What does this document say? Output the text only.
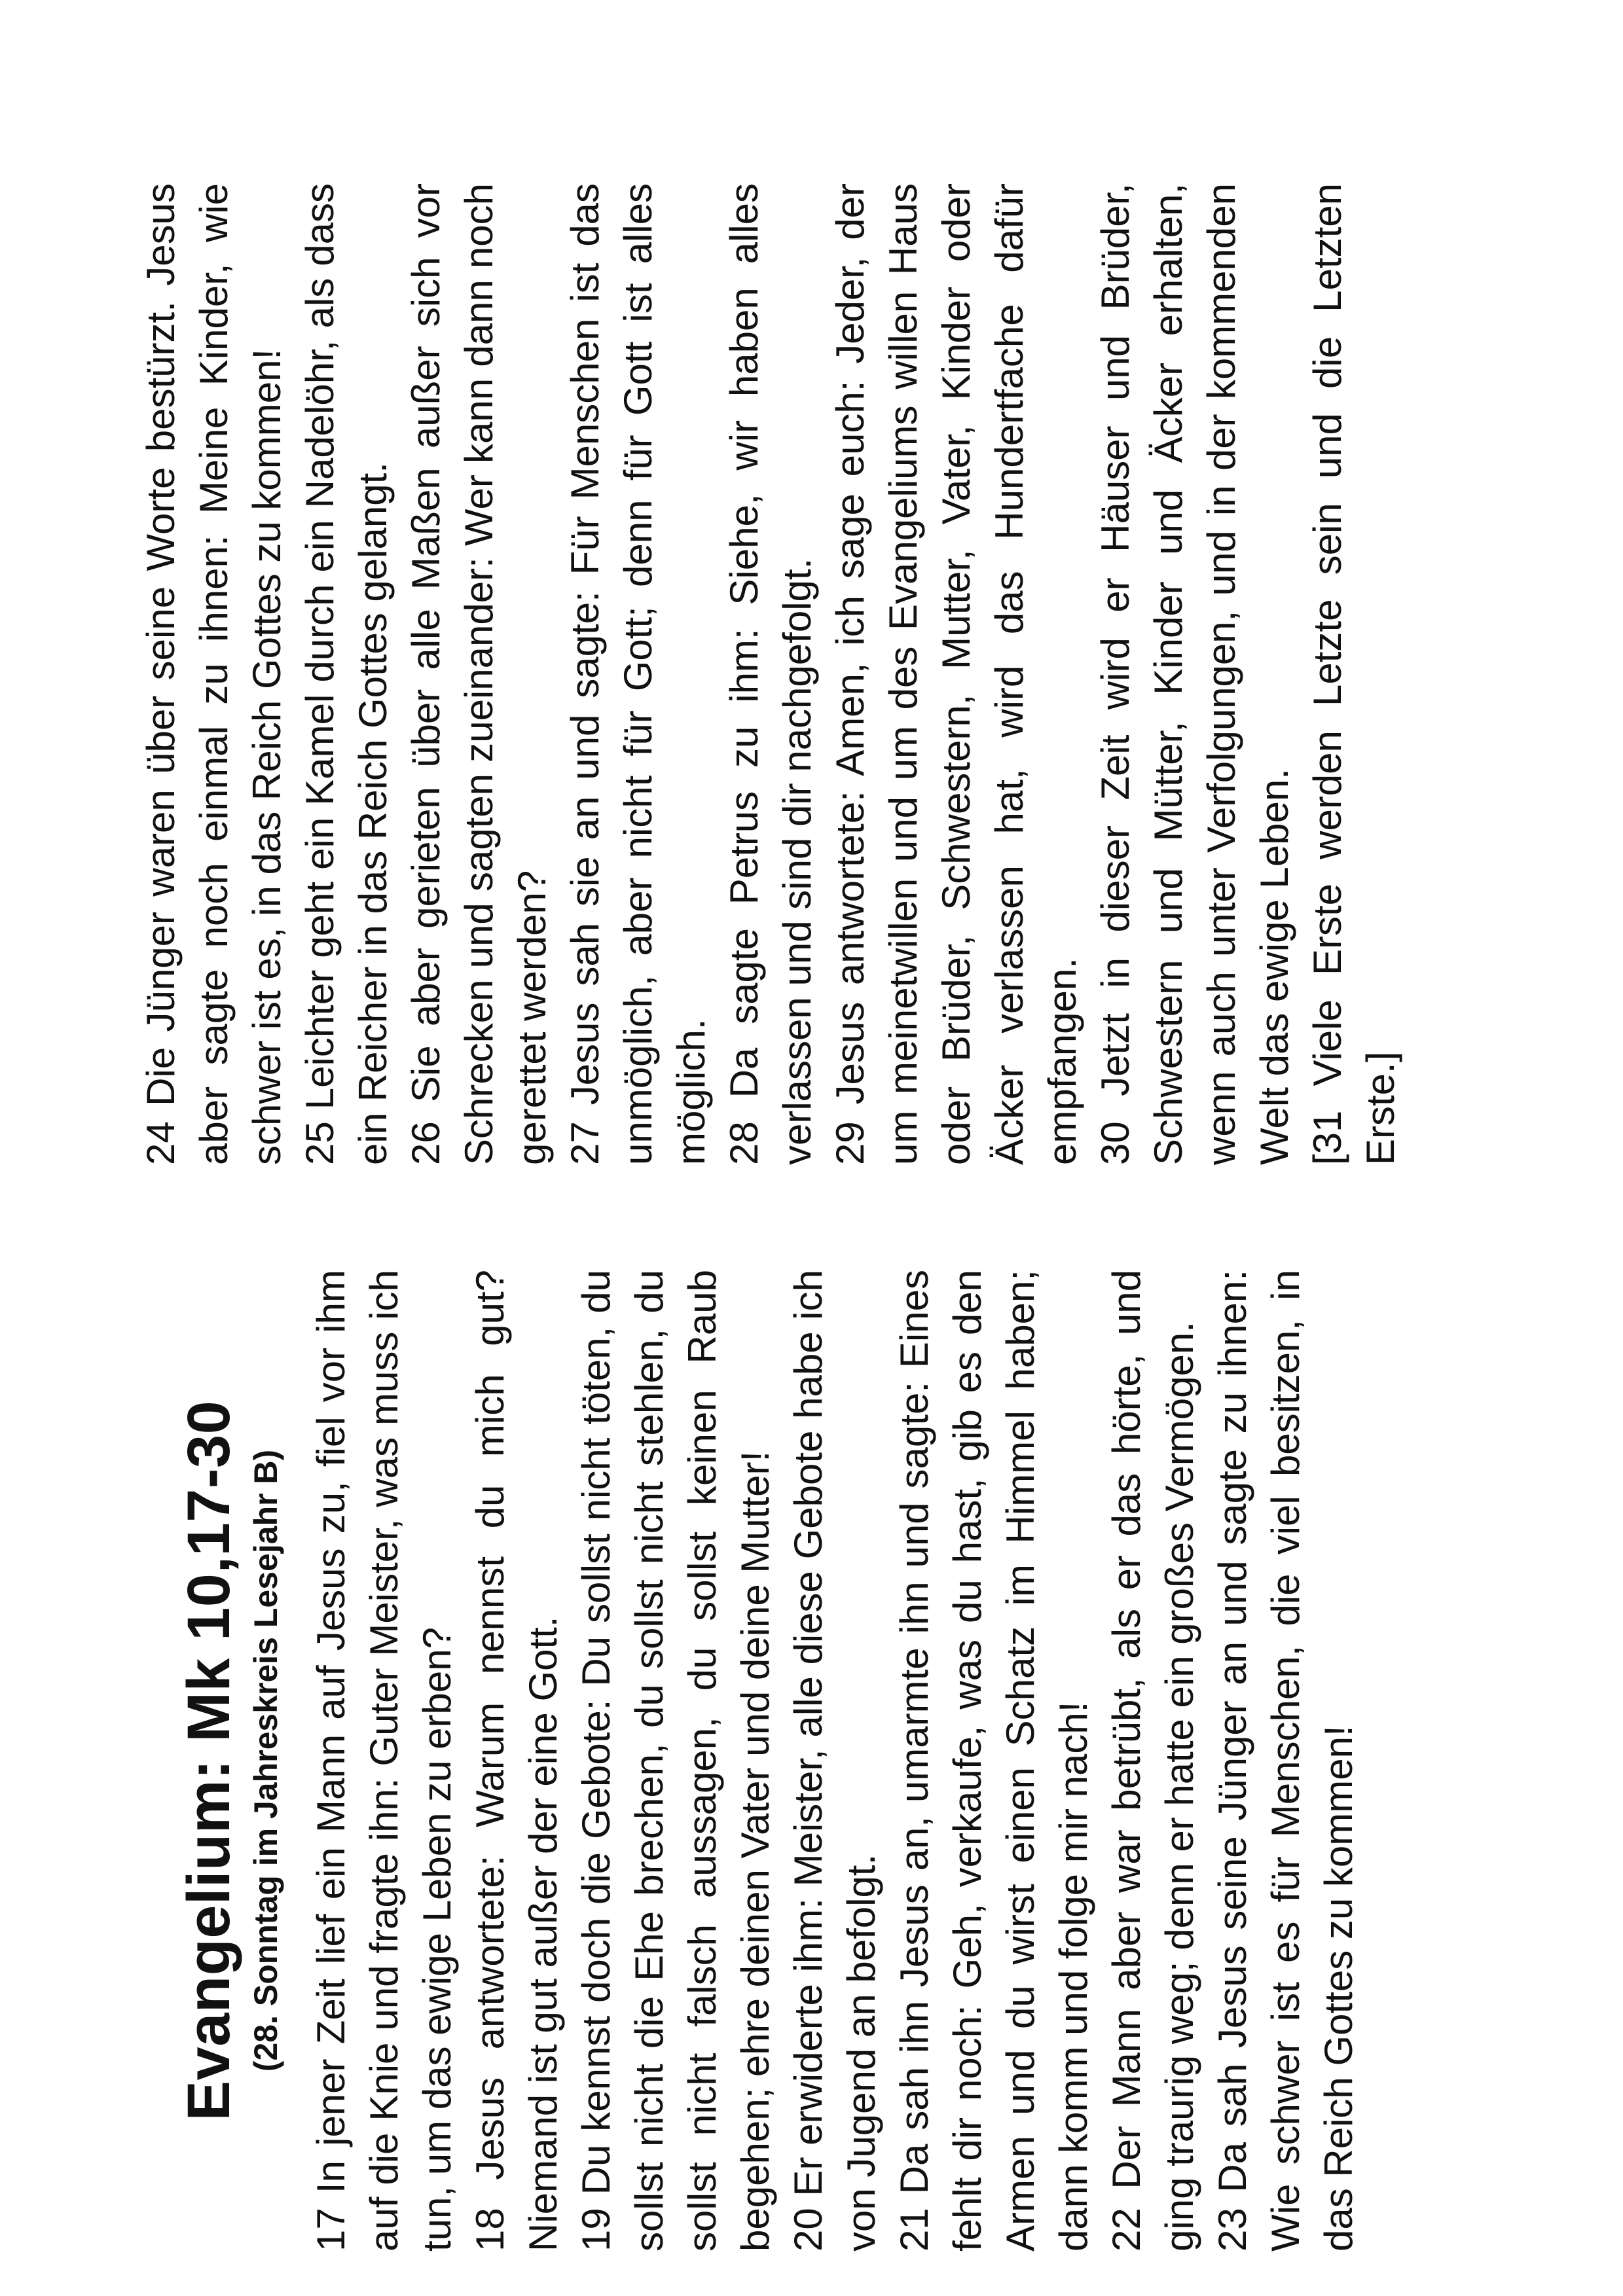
Evangelium: Mk 10,17-30 (28. Sonntag im Jahreskreis Lesejahr B) 17 In jener Zeit lief ein Mann auf Jesus zu, fiel vor ihm auf die Knie und fragte ihn: Guter Meister, was muss ich tun, um das ewige Leben zu erben? 18 Jesus antwortete: Warum nennst du mich gut? Niemand ist gut außer der eine Gott. 19 Du kennst doch die Gebote: Du sollst nicht töten, du sollst nicht die Ehe brechen, du sollst nicht stehlen, du sollst nicht falsch aussagen, du sollst keinen Raub begehen; ehre deinen Vater und deine Mutter! 20 Er erwiderte ihm: Meister, alle diese Gebote habe ich von Jugend an befolgt. 21 Da sah ihn Jesus an, umarmte ihn und sagte: Eines fehlt dir noch: Geh, verkaufe, was du hast, gib es den Armen und du wirst einen Schatz im Himmel haben; dann komm und folge mir nach! 22 Der Mann aber war betrübt, als er das hörte, und ging traurig weg; denn er hatte ein großes Vermögen. 23 Da sah Jesus seine Jünger an und sagte zu ihnen: Wie schwer ist es für Menschen, die viel besitzen, in das Reich Gottes zu kommen!
24 Die Jünger waren über seine Worte bestürzt. Jesus aber sagte noch einmal zu ihnen: Meine Kinder, wie schwer ist es, in das Reich Gottes zu kommen! 25 Leichter geht ein Kamel durch ein Nadelöhr, als dass ein Reicher in das Reich Gottes gelangt. 26 Sie aber gerieten über alle Maßen außer sich vor Schrecken und sagten zueinander: Wer kann dann noch gerettet werden? 27 Jesus sah sie an und sagte: Für Menschen ist das unmöglich, aber nicht für Gott; denn für Gott ist alles möglich. 28 Da sagte Petrus zu ihm: Siehe, wir haben alles verlassen und sind dir nachgefolgt. 29 Jesus antwortete: Amen, ich sage euch: Jeder, der um meinetwillen und um des Evangeliums willen Haus oder Brüder, Schwestern, Mutter, Vater, Kinder oder Äcker verlassen hat, wird das Hundertfache dafür empfangen. 30 Jetzt in dieser Zeit wird er Häuser und Brüder, Schwestern und Mütter, Kinder und Äcker erhalten, wenn auch unter Verfolgungen, und in der kommenden Welt das ewige Leben. [31 Viele Erste werden Letzte sein und die Letzten Erste.]
